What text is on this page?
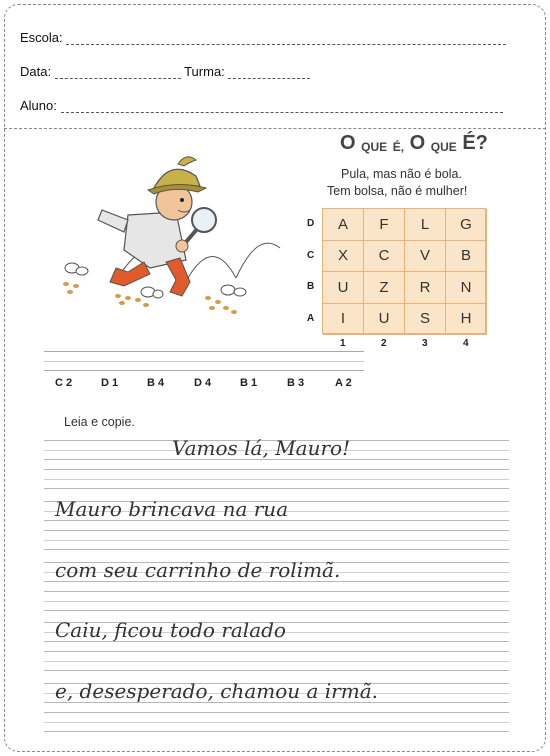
Escola:
Data:	Turma:
Aluno:
O QUE É, O QUE É?
Pula, mas não é bola.
Tem bolsa, não é mulher!
A	F	L	G
X	C	V	B
U	Z	R	N
I	U	S	H
Leia e copie.
D
C
B
A
1	2	3	4
C 2	D 1	B 4	D 4	B 1	B 3	A 2
Vamos lá, Mauro!
Mauro brincava na rua
com seu carrinho de rolimã.
Caiu, ficou todo ralado
e, desesperado, chamou a irmã.
